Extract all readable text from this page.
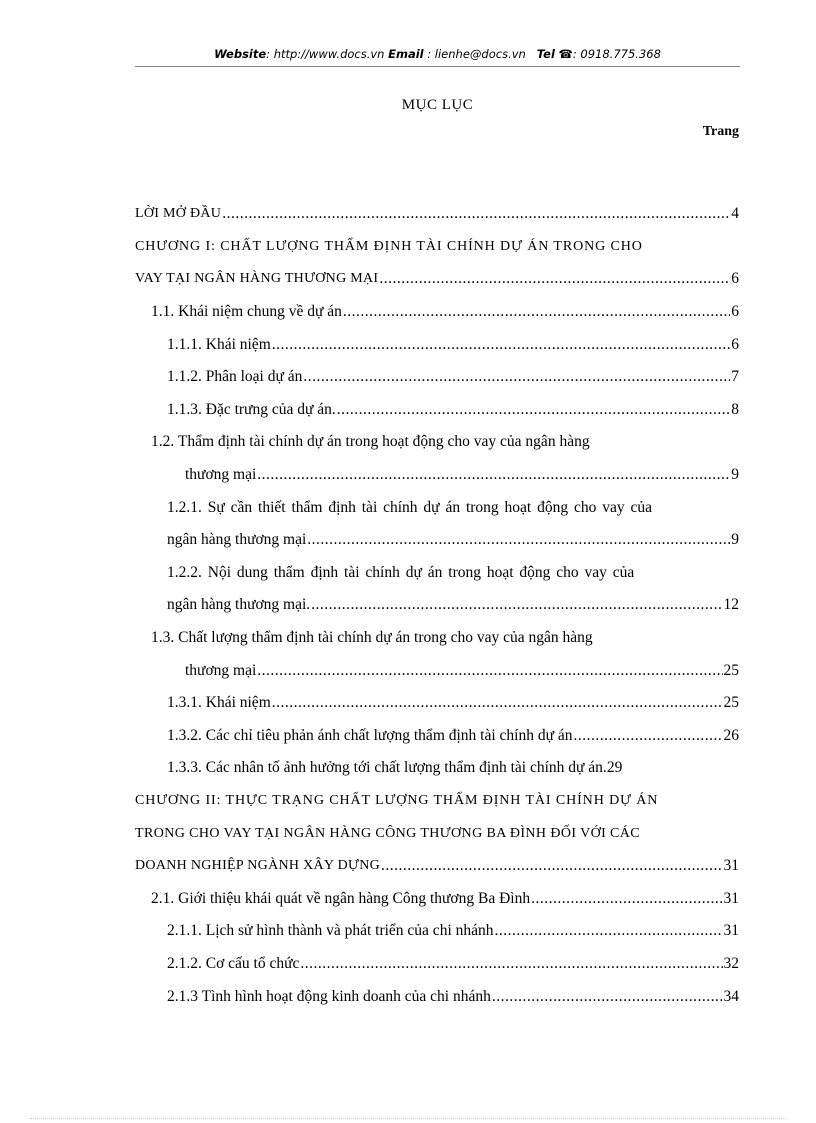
Website: http://www.docs.vn Email : lienhe@docs.vn Tel ☎: 0918.775.368
MỤC LỤC
Trang
LỜI MỞ ĐẦU .....	4
CHƯƠNG I: CHẤT LƯỢNG THẨM ĐỊNH TÀI CHÍNH DỰ ÁN TRONG CHO
VAY TẠI NGÂN HÀNG THƯƠNG MẠI .....	6
1.1. Khái niệm chung về dự án .....	6
1.1.1. Khái niệm .....	6
1.1.2. Phân loại dự án .....	7
1.1.3. Đặc trưng của dự án. .....	8
1.2. Thẩm định tài chính dự án trong hoạt động cho vay của ngân hàng
thương mại .....	9
1.2.1. Sự cần thiết thẩm định tài chính dự án trong hoạt động cho vay của
ngân hàng thương mại .....	9
1.2.2. Nội dung thẩm định tài chính dự án trong hoạt động cho vay của
ngân hàng thương mại. .....	12
1.3. Chất lượng thẩm định tài chính dự án trong cho vay của ngân hàng
thương mại .....	25
1.3.1. Khái niệm .....	25
1.3.2. Các chỉ tiêu phản ánh chất lượng thẩm định tài chính dự án .....	26
1.3.3. Các nhân tố ảnh hưởng tới chất lượng thẩm định tài chính dự án. 29
CHƯƠNG II: THỰC TRẠNG CHẤT LƯỢNG THẨM ĐỊNH TÀI CHÍNH DỰ ÁN
TRONG CHO VAY TẠI NGÂN HÀNG CÔNG THƯƠNG BA ĐÌNH ĐỐI VỚI CÁC
DOANH NGHIỆP NGÀNH XÂY DỰNG .....	31
2.1. Giới thiệu khái quát về ngân hàng Công thương Ba Đình .....	31
2.1.1. Lịch sử hình thành và phát triển của chi nhánh .....	31
2.1.2. Cơ cấu tổ chức .....	32
2.1.3 Tình hình hoạt động kinh doanh của chi nhánh .....	34
